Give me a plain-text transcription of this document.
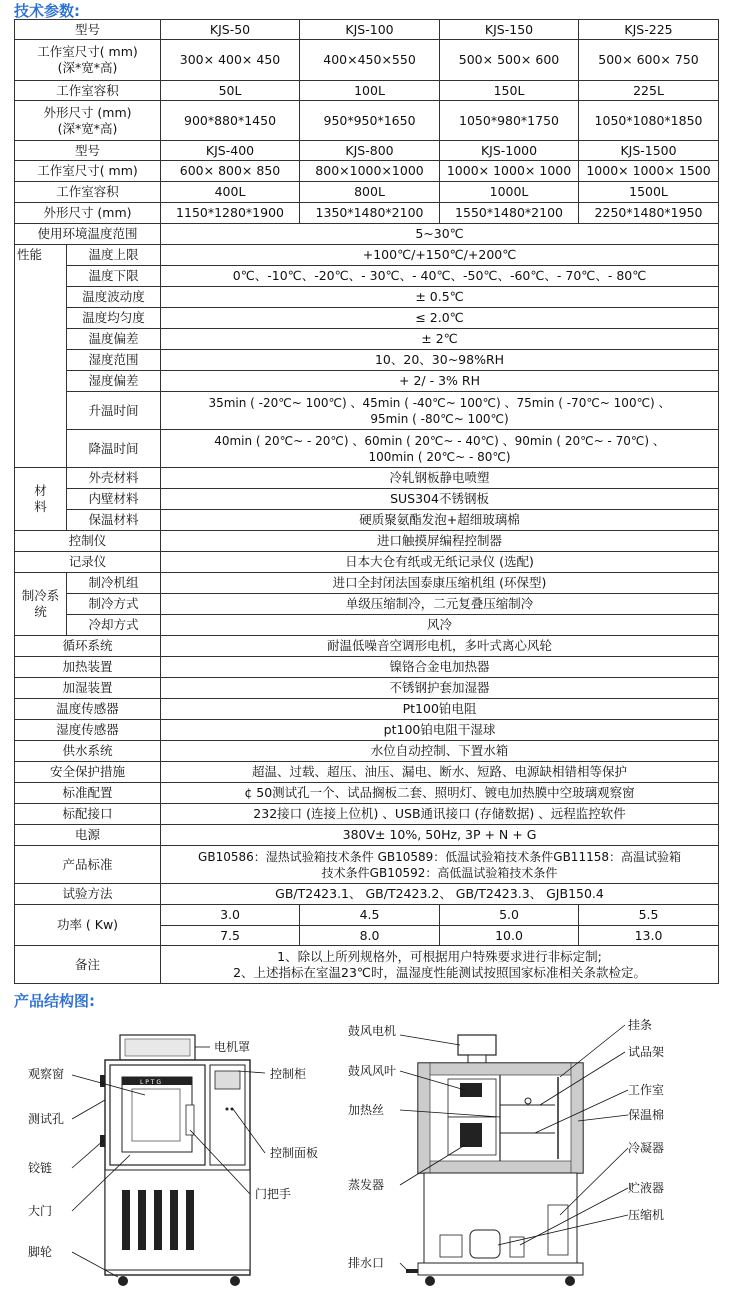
技术参数:
型号		KJS-50	KJS-100	KJS-150	KJS-225

工作室尺寸( mm)
(深*宽*高)		300× 400× 450	400×450×550	500× 500× 600	500× 600× 750
工作室容积		50L	100L	150L	225L

外形尺寸 (mm)
(深*宽*高)		900*880*1450	950*950*1650	1050*980*1750	1050*1080*1850
型号		KJS-400	KJS-800	KJS-1000	KJS-1500
工作室尺寸( mm)		600× 800× 850	800×1000×1000	1000× 1000× 1000	1000× 1000× 1500
工作室容积		400L	800L	1000L	1500L
外形尺寸 (mm)		1150*1280*1900	1350*1480*2100	1550*1480*2100	2250*1480*1950
使用环境温度范围		5~30℃			
性能	温度上限	+100℃/+150℃/+200℃			
	温度下限	0℃、-10℃、-20℃、- 30℃、- 40℃、-50℃、-60℃、- 70℃、- 80℃			
	温度波动度	± 0.5℃			
	温度均匀度	≤ 2.0℃			
	温度偏差	± 2℃			
	湿度范围	10、20、30~98%RH			
	湿度偏差	+ 2/ - 3% RH			
	升温时间	35min ( -20℃~ 100℃) 、45min ( -40℃~ 100℃) 、75min ( -70℃~ 100℃) 、
95min ( -80℃~ 100℃)			

	降温时间	40min ( 20℃~ - 20℃) 、60min ( 20℃~ - 40℃) 、90min ( 20℃~ - 70℃) 、
100min ( 20℃~ - 80℃)			

材
料	外壳材料	冷轧钢板静电喷塑			
	内壁材料	SUS304不锈钢板			
	保温材料	硬质聚氨酯发泡+超细玻璃棉			
控制仪		进口触摸屏编程控制器			
记录仪		日本大仓有纸或无纸记录仪 (选配)			

制冷系
统	制冷机组	进口全封闭法国泰康压缩机组 (环保型)			
	制冷方式	单级压缩制冷，二元复叠压缩制冷			
	冷却方式	风冷			
循环系统		耐温低噪音空调形电机，多叶式离心风轮			
加热装置		镍铬合金电加热器			
加湿装置		不锈钢护套加湿器			
温度传感器		Pt100铂电阻			
湿度传感器		pt100铂电阻干湿球			
供水系统		水位自动控制、下置水箱			
安全保护措施		超温、过载、超压、油压、漏电、断水、短路、电源缺相错相等保护			
标准配置		¢ 50测试孔一个、试品搁板二套、照明灯、镀电加热膜中空玻璃观察窗			
标配接口		232接口 (连接上位机) 、USB通讯接口 (存储数据) 、远程监控软件			
电源		380V± 10%, 50Hz, 3P + N + G			
产品标准		GB10586：湿热试验箱技术条件 GB10589：低温试验箱技术条件GB11158：高温试验箱
技术条件GB10592：高低温试验箱技术条件			

试验方法		GB/T2423.1、 GB/T2423.2、 GB/T2423.3、 GJB150.4			
功率 ( Kw)		3.0	4.5	5.0	5.5
		7.5	8.0	10.0	13.0
备注		1、除以上所列规格外，可根据用户特殊要求进行非标定制;
2、上述指标在室温23℃时，温湿度性能测试按照国家标准相关条款检定。			
产品结构图:
L P T G
电机罩
观察窗	控制柜
测试孔
控制面板
铰链
门把手
大门
脚轮
鼓风电机	挂条
试品架
鼓风风叶
工作室
加热丝	保温棉
冷凝器
蒸发器	贮液器
压缩机
排水口
